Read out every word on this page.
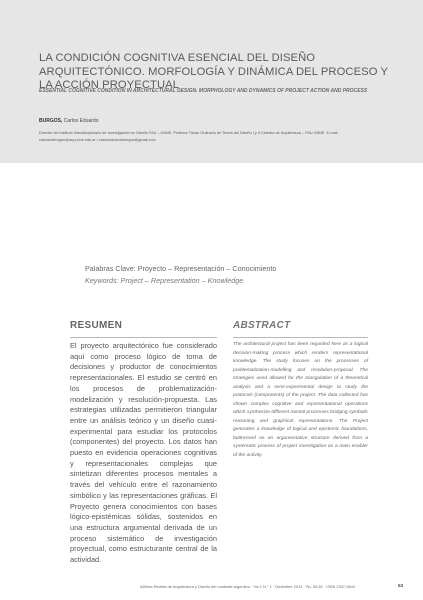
LA CONDICIÓN COGNITIVA ESENCIAL DEL DISEÑO ARQUITECTÓNICO. MORFOLOGÍA Y DINÁMICA DEL PROCESO Y LA ACCIÓN PROYECTUAL
ESSENTIAL COGNITIVE CONDITION IN ARCHITECTURAL DESIGN. MORPHOLOGY AND DYNAMICS OF PROJECT ACTION AND PROCESS
BURGOS, Carlos Eduardo

Director del Instituto Interdisciplinario de Investigación en Diseño FAU – UNNE. Profesor Titular Ordinario de Teoría del Diseño I y II Cátedra de Arquitectura – FAU UNNE. E-mail: carlosedburgos@arq.unne.edu.ar / carloseduardoburgos@gmail.com

Palabras Clave: Proyecto – Representación – Conocimiento

Keywords: Project – Representation – Knowledge.

RESUMEN

El proyecto arquitectónico fue considerado aquí como proceso lógico de toma de decisiones y productor de conocimientos representacionales. El estudio se centró en los procesos de problematización-modelización y resolución-propuesta. Las estrategias utilizadas permitieron triangular entre un análisis teórico y un diseño cuasi-experimental para estudiar los protocolos (componentes) del proyecto. Los datos han puesto en evidencia operaciones cognitivas y representacionales complejas que sintetizan diferentes procesos mentales a través del vehículo entre el razonamiento simbólico y las representaciones gráficas. El Proyecto genera conocimientos con bases lógico-epistémicas sólidas, sostenidos en una estructura argumental derivada de un proceso sistemático de investigación proyectual, como estructurante central de la actividad.

ABSTRACT

The architectural project has been regarded here as a logical decision-making process which renders representational knowledge. The study focuses on the processes of problematization-modelling and resolution-proposal. The strategies used allowed for the triangulation of a theoretical analysis and a semi-experimental design to study the protocols (components) of the project. The data collected has shown complex cognitive and representational operations which synthesize different mental processes bridging symbolic reasoning and graphical representations. The Project generates a knowledge of logical and epistemic foundations, buttressed on an argumentative structure derived from a systematic process of project investigation as a main enabler of the activity.

ADNea Revista de Arquitectura y Diseño del nordeste argentino · Vol 1 N.° 1 · Diciembre 2013 · Pp. 53-62 · ISSN 2347-064X	53
